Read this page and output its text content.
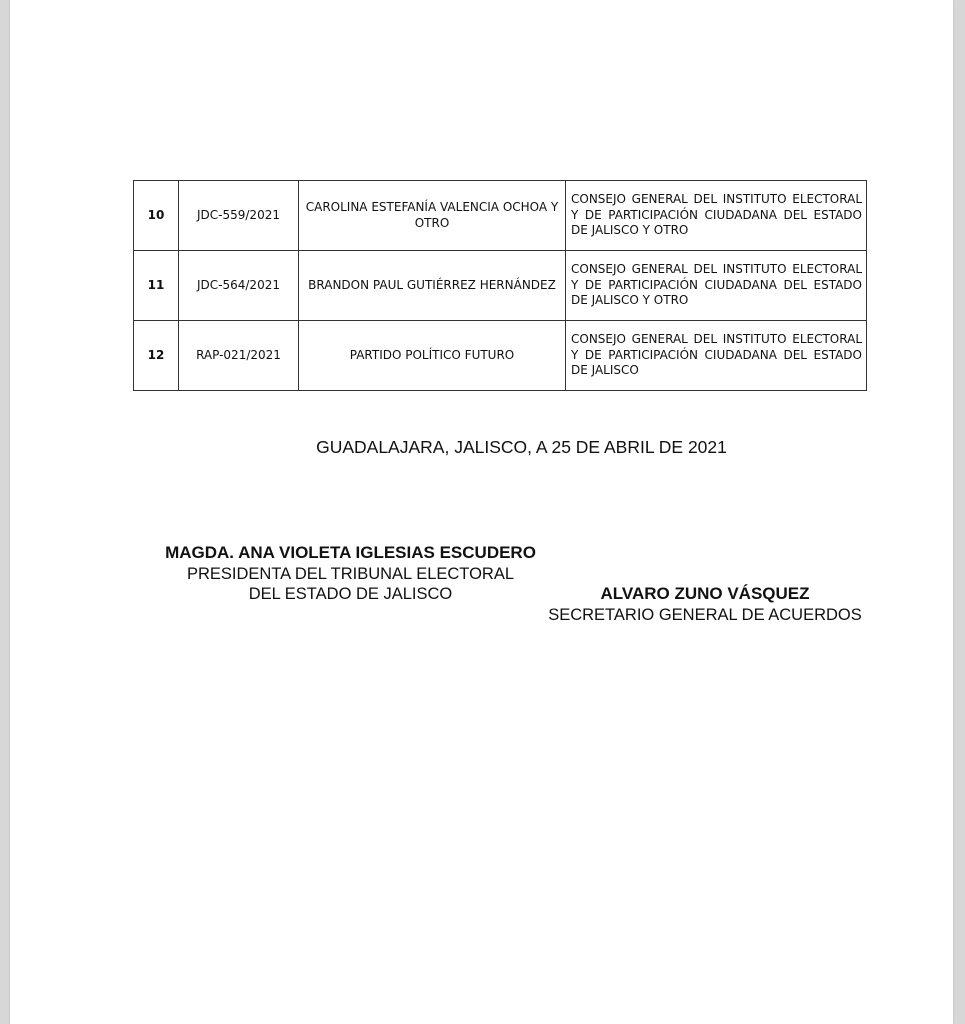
10	JDC-559/2021	CAROLINA ESTEFANÍA VALENCIA OCHOA Y OTRO	CONSEJO GENERAL DEL INSTITUTO ELECTORAL Y DE PARTICIPACIÓN CIUDADANA DEL ESTADO DE JALISCO Y OTRO
11	JDC-564/2021	BRANDON PAUL GUTIÉRREZ HERNÁNDEZ	CONSEJO GENERAL DEL INSTITUTO ELECTORAL Y DE PARTICIPACIÓN CIUDADANA DEL ESTADO DE JALISCO Y OTRO
12	RAP-021/2021	PARTIDO POLÍTICO FUTURO	CONSEJO GENERAL DEL INSTITUTO ELECTORAL Y DE PARTICIPACIÓN CIUDADANA DEL ESTADO DE JALISCO
GUADALAJARA, JALISCO, A 25 DE ABRIL DE 2021
MAGDA. ANA VIOLETA IGLESIAS ESCUDERO
PRESIDENTA DEL TRIBUNAL ELECTORAL
DEL ESTADO DE JALISCO	ALVARO ZUNO VÁSQUEZ
SECRETARIO GENERAL DE ACUERDOS
